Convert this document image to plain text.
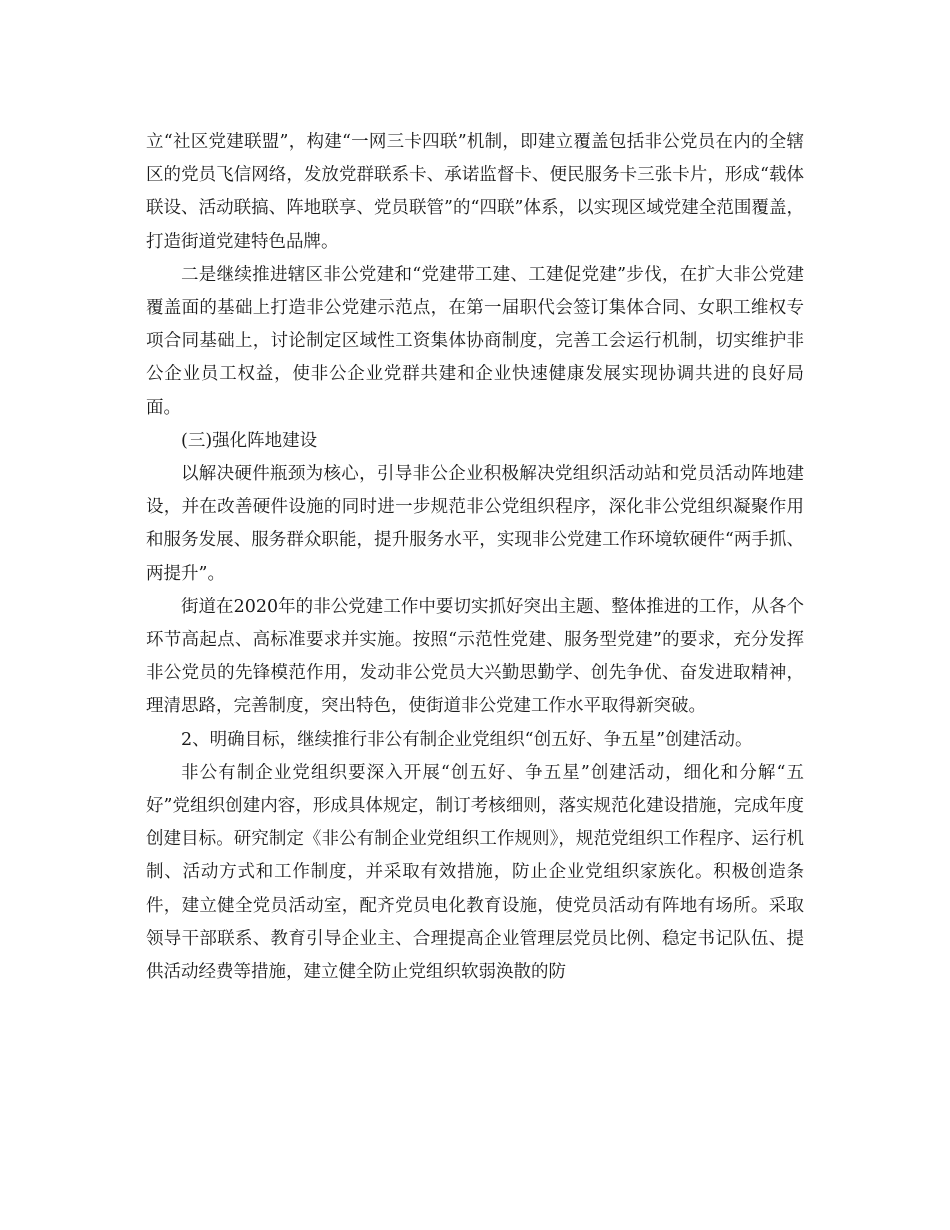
立“社区党建联盟”，构建“一网三卡四联”机制，即建立覆盖包括非公党员在内的全辖区的党员飞信网络，发放党群联系卡、承诺监督卡、便民服务卡三张卡片，形成“载体联设、活动联搞、阵地联享、党员联管”的“四联”体系，以实现区域党建全范围覆盖，打造街道党建特色品牌。

二是继续推进辖区非公党建和“党建带工建、工建促党建”步伐，在扩大非公党建覆盖面的基础上打造非公党建示范点，在第一届职代会签订集体合同、女职工维权专项合同基础上，讨论制定区域性工资集体协商制度，完善工会运行机制，切实维护非公企业员工权益，使非公企业党群共建和企业快速健康发展实现协调共进的良好局面。

(三)强化阵地建设

以解决硬件瓶颈为核心，引导非公企业积极解决党组织活动站和党员活动阵地建设，并在改善硬件设施的同时进一步规范非公党组织程序，深化非公党组织凝聚作用和服务发展、服务群众职能，提升服务水平，实现非公党建工作环境软硬件“两手抓、两提升”。

街道在2020年的非公党建工作中要切实抓好突出主题、整体推进的工作，从各个环节高起点、高标准要求并实施。按照“示范性党建、服务型党建”的要求，充分发挥非公党员的先锋模范作用，发动非公党员大兴勤思勤学、创先争优、奋发进取精神，理清思路，完善制度，突出特色，使街道非公党建工作水平取得新突破。

2、明确目标，继续推行非公有制企业党组织“创五好、争五星”创建活动。

非公有制企业党组织要深入开展“创五好、争五星”创建活动，细化和分解“五好”党组织创建内容，形成具体规定，制订考核细则，落实规范化建设措施，完成年度创建目标。研究制定《非公有制企业党组织工作规则》，规范党组织工作程序、运行机制、活动方式和工作制度，并采取有效措施，防止企业党组织家族化。积极创造条件，建立健全党员活动室，配齐党员电化教育设施，使党员活动有阵地有场所。采取领导干部联系、教育引导企业主、合理提高企业管理层党员比例、稳定书记队伍、提供活动经费等措施，建立健全防止党组织软弱涣散的防
